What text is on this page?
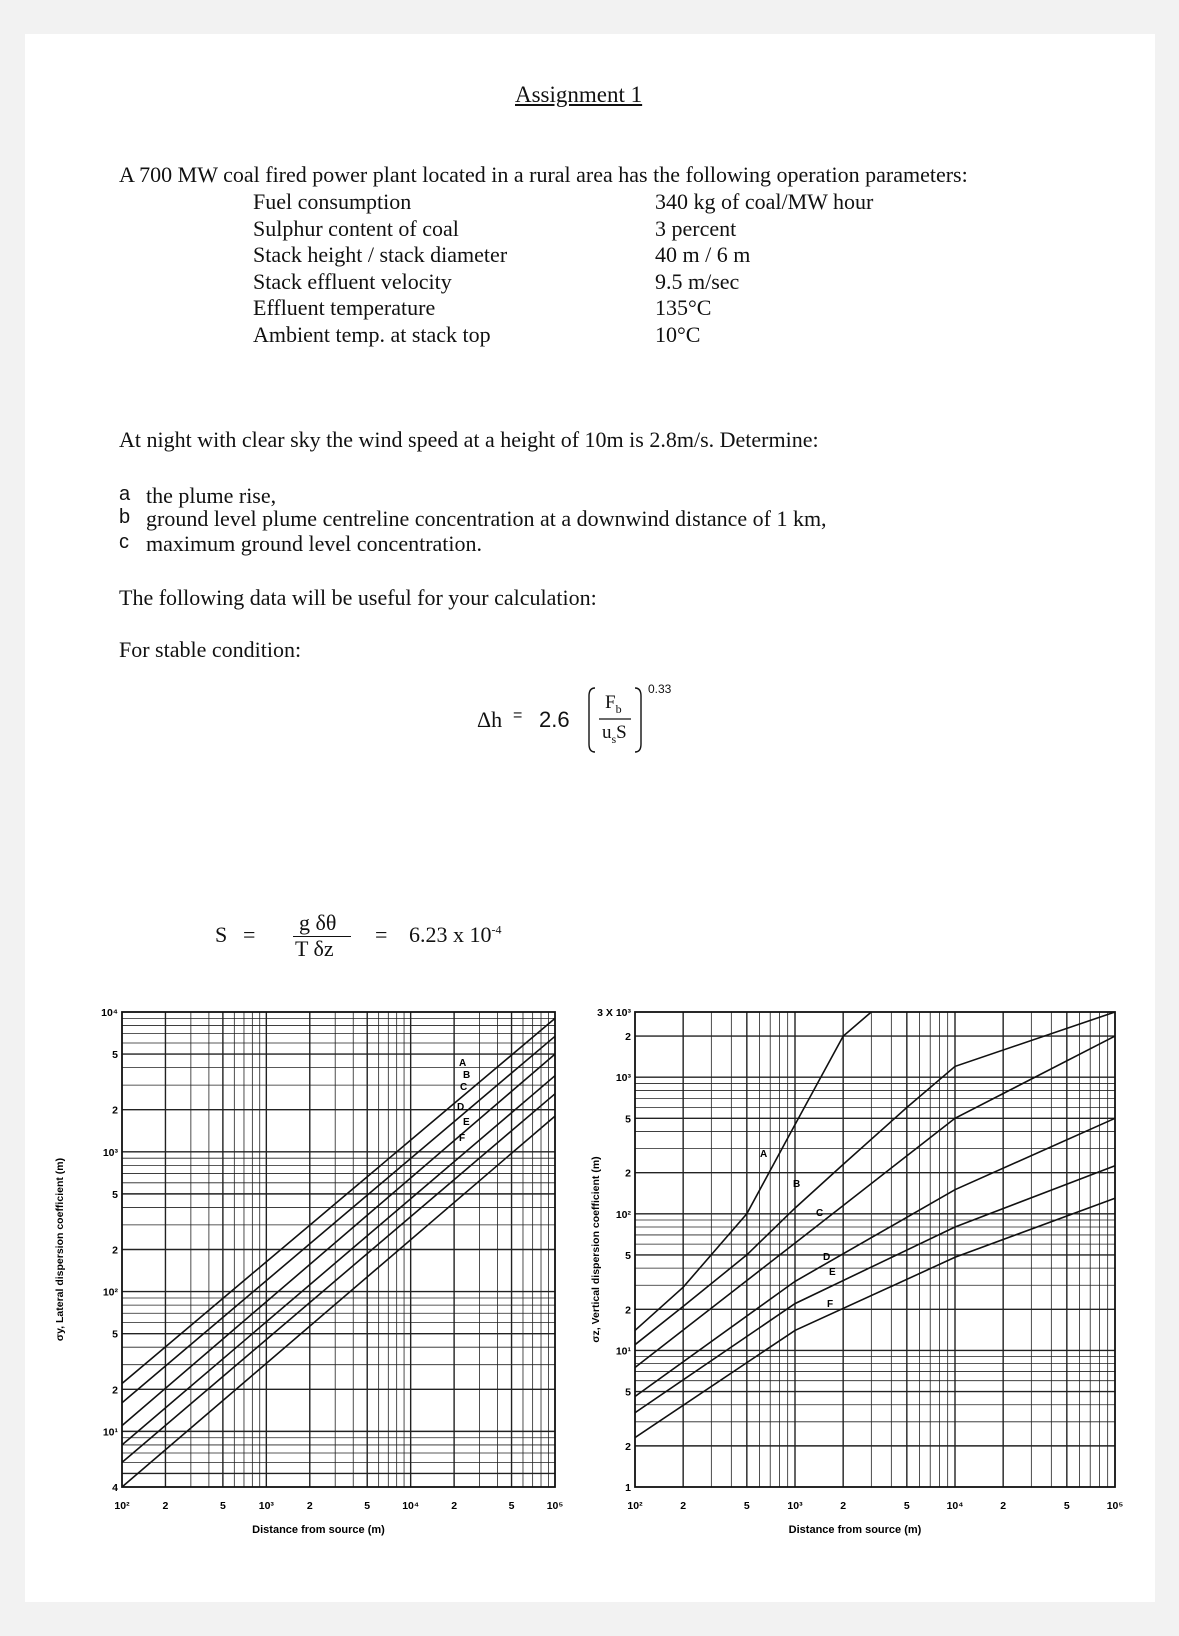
Assignment 1
A 700 MW coal fired power plant located in a rural area has the following operation parameters:
Fuel consumption	340 kg of coal/MW hour
Sulphur content of coal	3 percent
Stack height / stack diameter	40 m / 6 m
Stack effluent velocity	9.5 m/sec
Effluent temperature	135°C
Ambient temp. at stack top	10°C
At night with clear sky the wind speed at a height of 10m is 2.8m/s. Determine:
a the plume rise,
b ground level plume centreline concentration at a downwind distance of 1 km,
c maximum ground level concentration.
The following data will be useful for your calculation:
For stable condition:
Δh = 2.6
$F_b$
$u_sS$
0.33
S = g δθ
T δz
= 6.23 x $10^{-4}$
A
B
C
D
E
F
10²	2	5	10³	2	5	10⁴	2	5	10⁵
4
10¹
2
5
10²
2
5
10³
2
5
10⁴
Distance from source (m)
σy, Lateral dispersion coefficient (m)
A
B
C
D
E
F
10²	2	5	10³	2	5	10⁴	2	5	10⁵
1
2
5
10¹
2
5
10²
2
5
10³
2
3 X 10³
Distance from source (m)
σz, Vertical dispersion coefficient (m)
